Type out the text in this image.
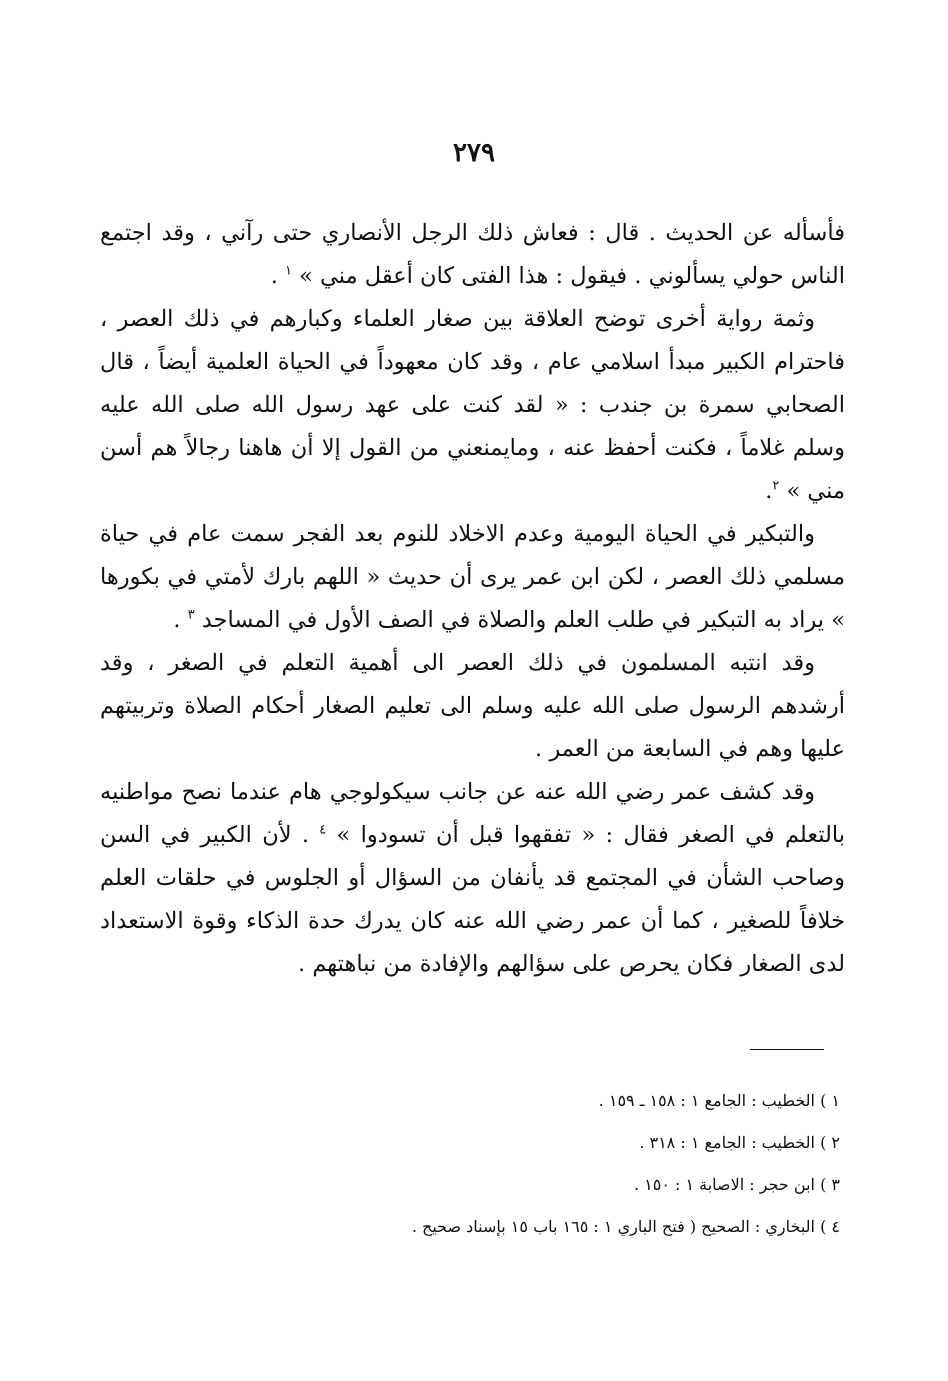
٢٧٩

فأسأله عن الحديث . قال : فعاش ذلك الرجل الأنصاري حتى رآني ، وقد اجتمع الناس حولي يسألوني . فيقول : هذا الفتى كان أعقل مني » $^١$ .

وثمة رواية أخرى توضح العلاقة بين صغار العلماء وكبارهم في ذلك العصر ، فاحترام الكبير مبدأ اسلامي عام ، وقد كان معهوداً في الحياة العلمية أيضاً ، قال الصحابي سمرة بن جندب : « لقد كنت على عهد رسول الله صلى الله عليه وسلم غلاماً ، فكنت أحفظ عنه ، ومايمنعني من القول إلا أن هاهنا رجالاً هم أسن مني » $^٢$.

والتبكير في الحياة اليومية وعدم الاخلاد للنوم بعد الفجر سمت عام في حياة مسلمي ذلك العصر ، لكن ابن عمر يرى أن حديث « اللهم بارك لأمتي في بكورها » يراد به التبكير في طلب العلم والصلاة في الصف الأول في المساجد $^٣$ .

وقد انتبه المسلمون في ذلك العصر الى أهمية التعلم في الصغر ، وقد أرشدهم الرسول صلى الله عليه وسلم الى تعليم الصغار أحكام الصلاة وتربيتهم عليها وهم في السابعة من العمر .

وقد كشف عمر رضي الله عنه عن جانب سيكولوجي هام عندما نصح مواطنيه بالتعلم في الصغر فقال : « تفقهوا قبل أن تسودوا » $^٤$ . لأن الكبير في السن وصاحب الشأن في المجتمع قد يأنفان من السؤال أو الجلوس في حلقات العلم خلافاً للصغير ، كما أن عمر رضي الله عنه كان يدرك حدة الذكاء وقوة الاستعداد لدى الصغار فكان يحرص على سؤالهم والإفادة من نباهتهم .

١ ) الخطيب : الجامع ١ : ١٥٨ ـ ١٥٩ .
٢ ) الخطيب : الجامع ١ : ٣١٨ .
٣ ) ابن حجر : الاصابة ١ : ١٥٠ .
٤ ) البخاري : الصحيح ( فتح الباري ١ : ١٦٥ باب ١٥ بإسناد صحيح .
